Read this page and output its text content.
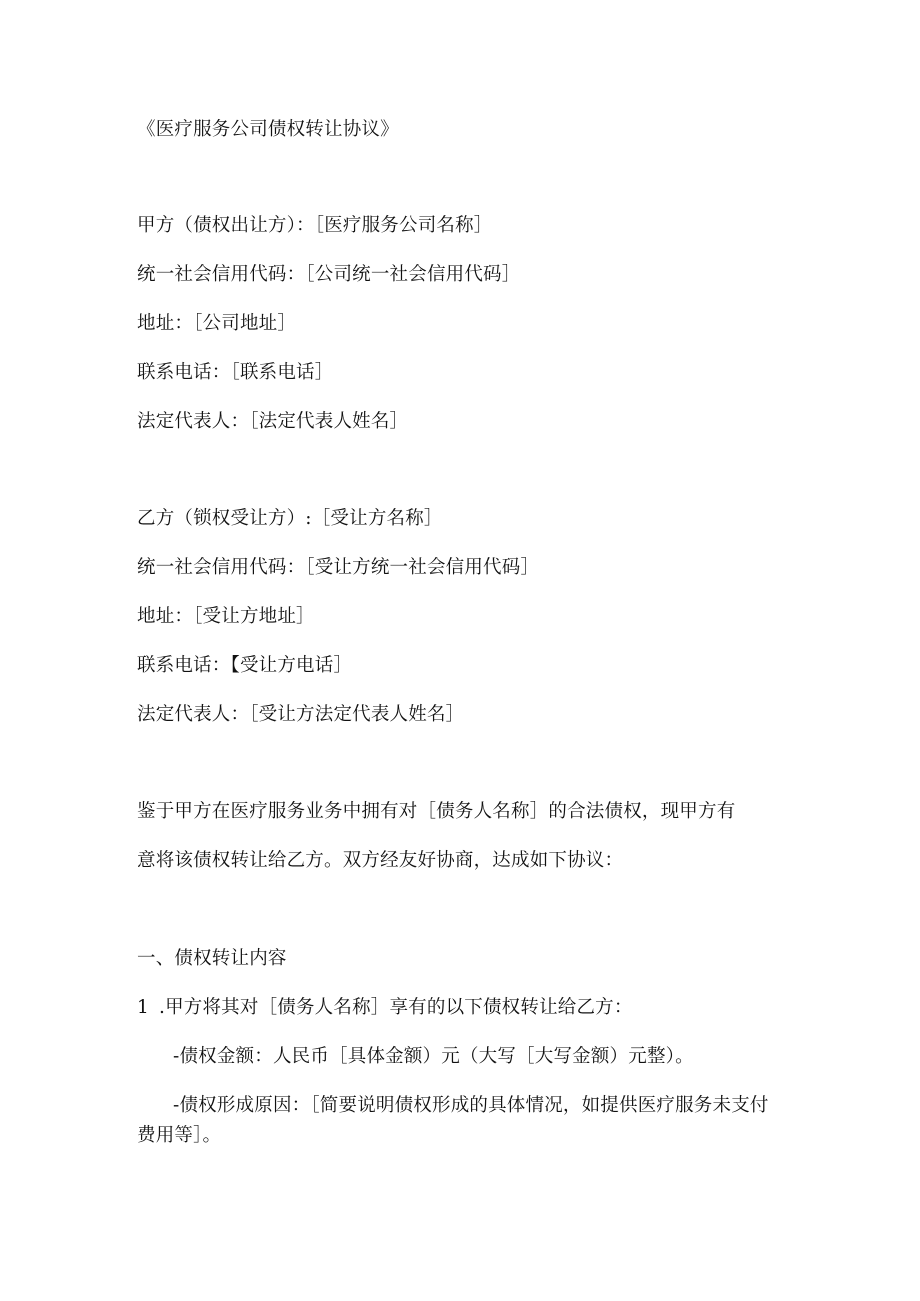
《医疗服务公司债权转让协议》
甲方（债权出让方）：［医疗服务公司名称］
统一社会信用代码：［公司统一社会信用代码］
地址：［公司地址］
联系电话：［联系电话］
法定代表人：［法定代表人姓名］
乙方（锁权受让方）:［受让方名称］
统一社会信用代码：［受让方统一社会信用代码］
地址：［受让方地址］
联系电话：【受让方电话］
法定代表人：［受让方法定代表人姓名］
鉴于甲方在医疗服务业务中拥有对［债务人名称］的合法债权，现甲方有
意将该债权转让给乙方。双方经友好协商，达成如下协议：
一、债权转让内容
1 .甲方将其对［债务人名称］享有的以下债权转让给乙方：
-债权金额：人民币［具体金额）元（大写［大写金额）元整）。
-债权形成原因：［简要说明债权形成的具体情况，如提供医疗服务未支付费用等］。
